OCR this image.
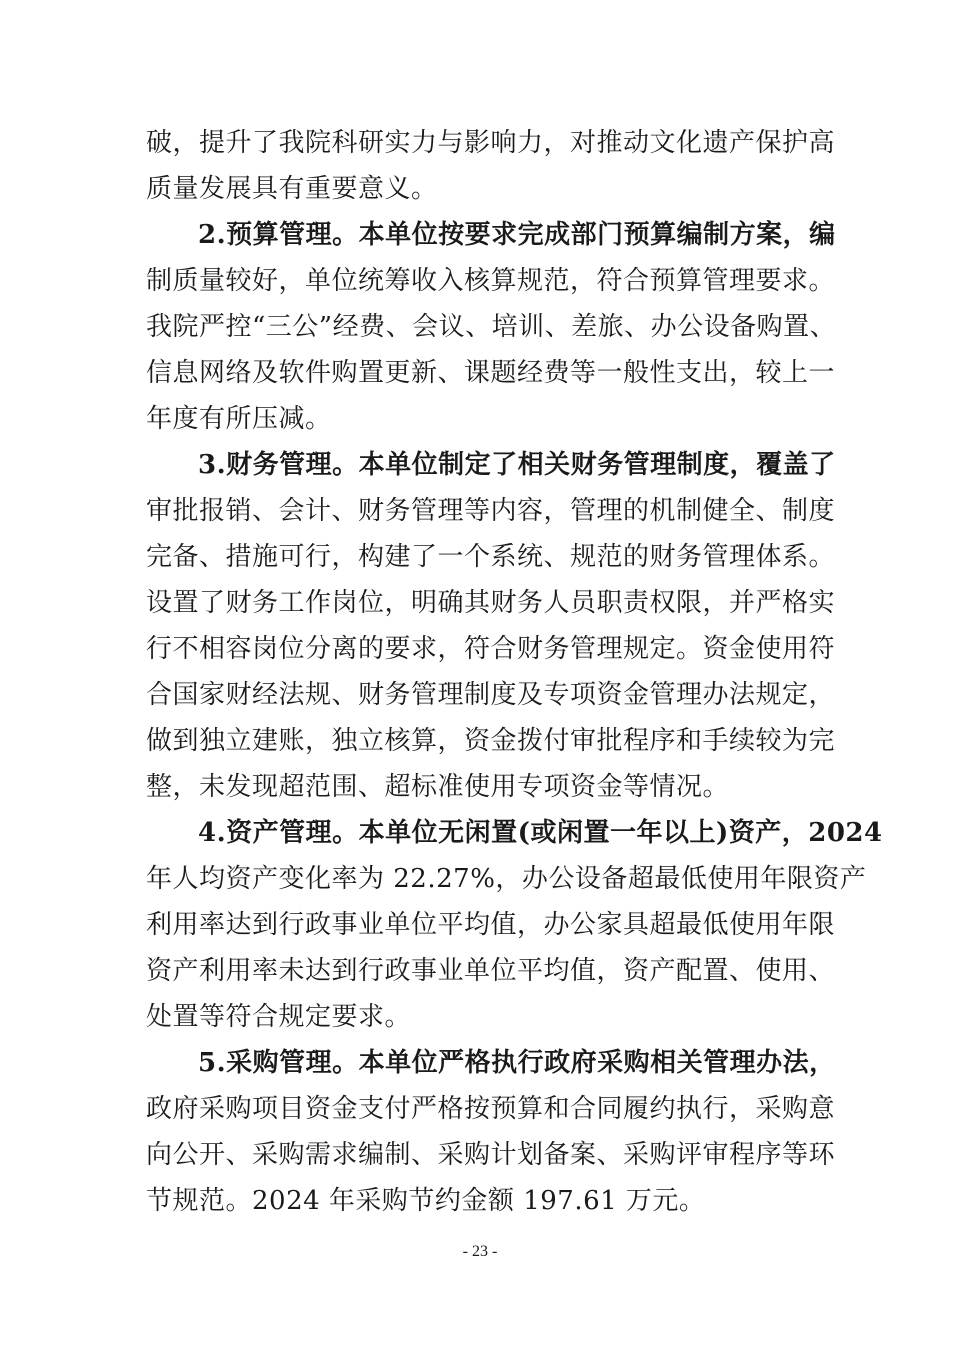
破，提升了我院科研实力与影响力，对推动文化遗产保护高
质量发展具有重要意义。
2.预算管理。本单位按要求完成部门预算编制方案，编
制质量较好，单位统筹收入核算规范，符合预算管理要求。
我院严控“三公”经费、会议、培训、差旅、办公设备购置、
信息网络及软件购置更新、课题经费等一般性支出，较上一
年度有所压减。
3.财务管理。本单位制定了相关财务管理制度，覆盖了
审批报销、会计、财务管理等内容，管理的机制健全、制度
完备、措施可行，构建了一个系统、规范的财务管理体系。
设置了财务工作岗位，明确其财务人员职责权限，并严格实
行不相容岗位分离的要求，符合财务管理规定。资金使用符
合国家财经法规、财务管理制度及专项资金管理办法规定，
做到独立建账，独立核算，资金拨付审批程序和手续较为完
整，未发现超范围、超标准使用专项资金等情况。
4.资产管理。本单位无闲置(或闲置一年以上)资产，2024
年人均资产变化率为 22.27%，办公设备超最低使用年限资产
利用率达到行政事业单位平均值，办公家具超最低使用年限
资产利用率未达到行政事业单位平均值，资产配置、使用、
处置等符合规定要求。
5.采购管理。本单位严格执行政府采购相关管理办法，
政府采购项目资金支付严格按预算和合同履约执行，采购意
向公开、采购需求编制、采购计划备案、采购评审程序等环
节规范。2024 年采购节约金额 197.61 万元。
- 23 -
